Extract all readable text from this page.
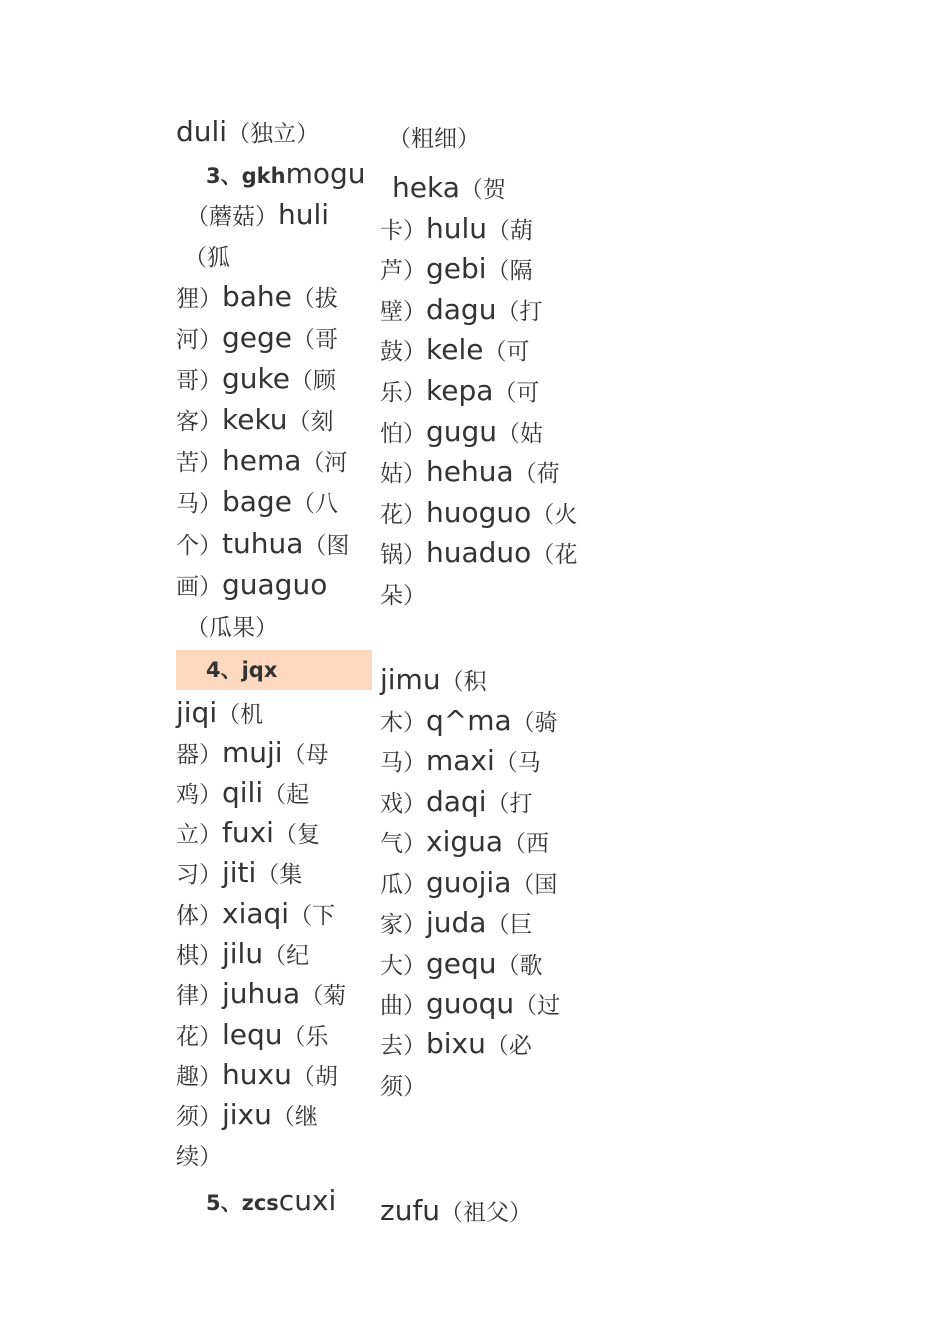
duli（独立）
3、gkhmogu
（蘑菇）huli
（狐
狸）bahe（拔
河）gege（哥
哥）guke（顾
客）keku（刻
苦）hema（河
马）bage（八
个）tuhua（图
画）guaguo
（瓜果）
4、jqx
jiqi（机
器）muji（母
鸡）qili（起
立）fuxi（复
习）jiti（集
体）xiaqi（下
棋）jilu（纪
律）juhua（菊
花）lequ（乐
趣）huxu（胡
须）jixu（继
续）
5、zcscuxi
（粗细）
heka（贺
卡）hulu（葫
芦）gebi（隔
壁）dagu（打
鼓）kele（可
乐）kepa（可
怕）gugu（姑
姑）hehua（荷
花）huoguo（火
锅）huaduo（花
朵）
jimu（积
木）q^ma（骑
马）maxi（马
戏）daqi（打
气）xigua（西
瓜）guojia（国
家）juda（巨
大）gequ（歌
曲）guoqu（过
去）bixu（必
须）
zufu（祖父）
